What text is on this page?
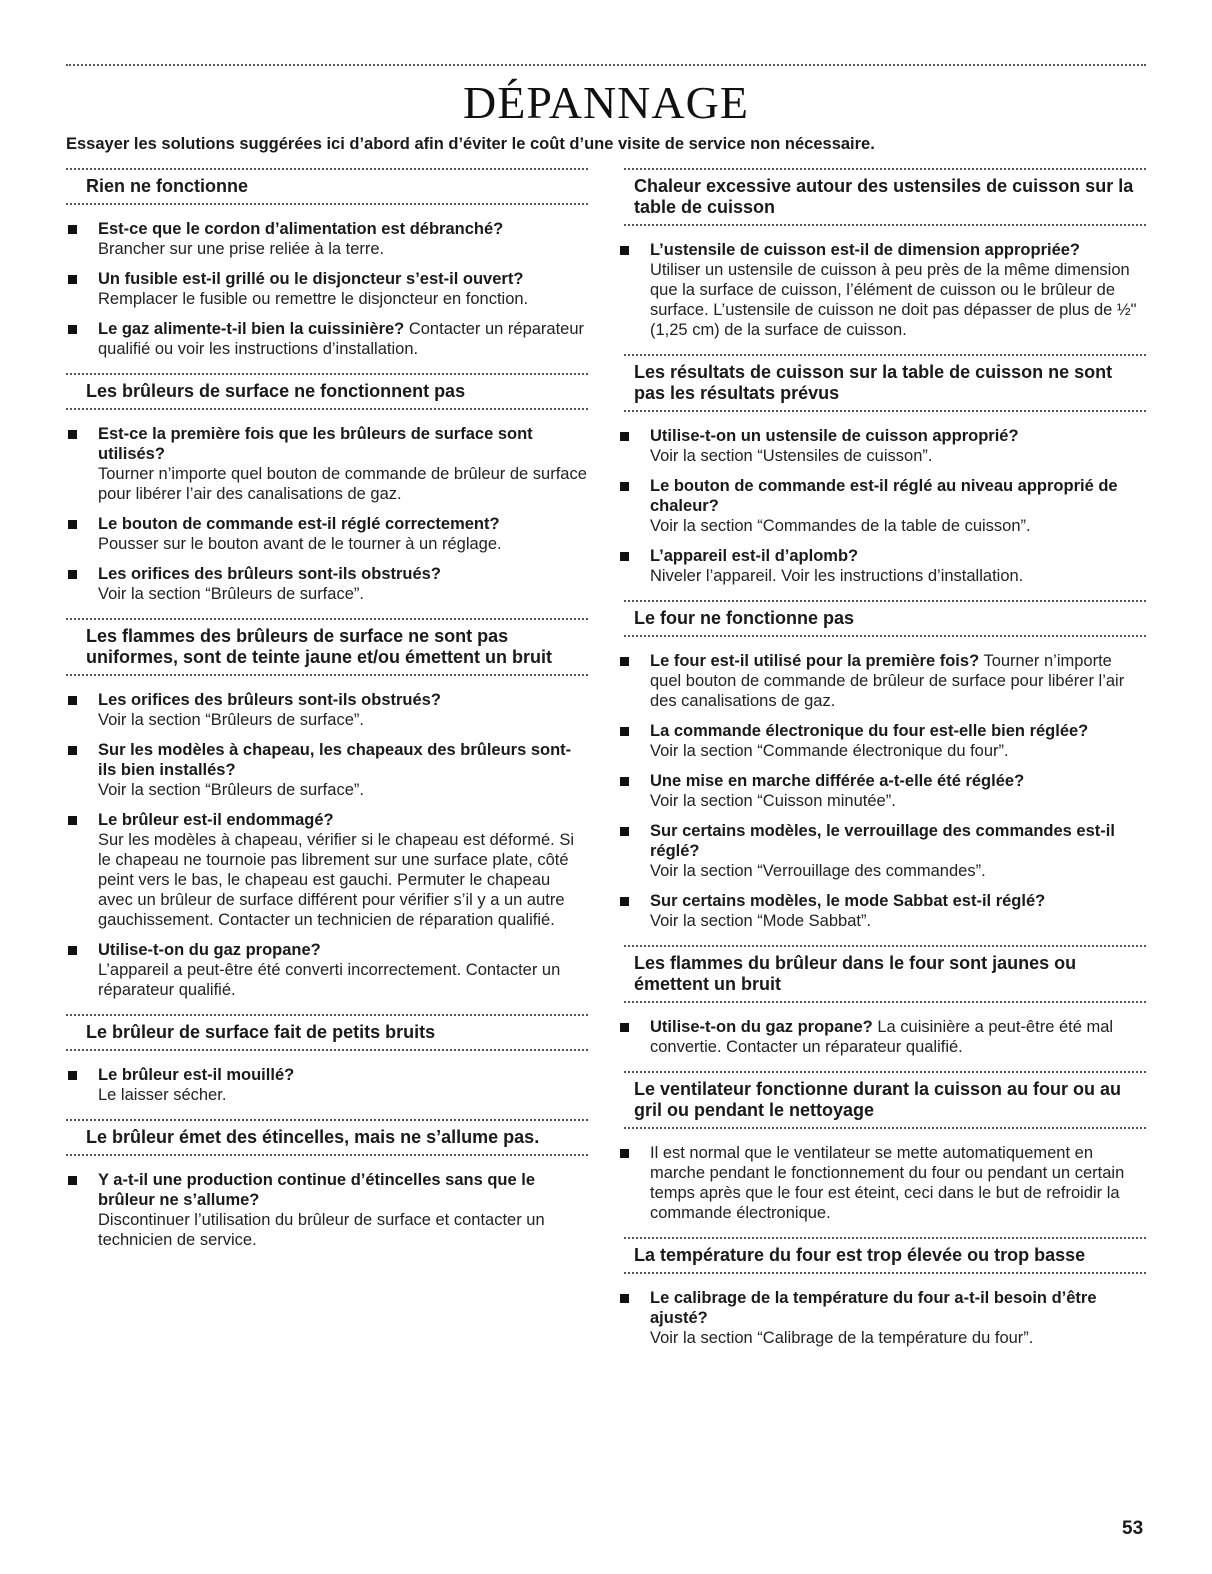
DÉPANNAGE

Essayer les solutions suggérées ici d’abord afin d’éviter le coût d’une visite de service non nécessaire.

Rien ne fonctionne
Est-ce que le cordon d’alimentation est débranché?
Brancher sur une prise reliée à la terre.
Un fusible est-il grillé ou le disjoncteur s’est-il ouvert?
Remplacer le fusible ou remettre le disjoncteur en fonction.
Le gaz alimente-t-il bien la cuissinière? Contacter un réparateur qualifié ou voir les instructions d’installation.
Les brûleurs de surface ne fonctionnent pas
Est-ce la première fois que les brûleurs de surface sont utilisés?
Tourner n’importe quel bouton de commande de brûleur de surface pour libérer l’air des canalisations de gaz.
Le bouton de commande est-il réglé correctement?
Pousser sur le bouton avant de le tourner à un réglage.
Les orifices des brûleurs sont-ils obstrués?
Voir la section “Brûleurs de surface”.
Les flammes des brûleurs de surface ne sont pas uniformes, sont de teinte jaune et/ou émettent un bruit
Les orifices des brûleurs sont-ils obstrués?
Voir la section “Brûleurs de surface”.
Sur les modèles à chapeau, les chapeaux des brûleurs sont-ils bien installés?
Voir la section “Brûleurs de surface”.
Le brûleur est-il endommagé?
Sur les modèles à chapeau, vérifier si le chapeau est déformé. Si le chapeau ne tournoie pas librement sur une surface plate, côté peint vers le bas, le chapeau est gauchi. Permuter le chapeau avec un brûleur de surface différent pour vérifier s’il y a un autre gauchissement. Contacter un technicien de réparation qualifié.
Utilise-t-on du gaz propane?
L’appareil a peut-être été converti incorrectement. Contacter un réparateur qualifié.
Le brûleur de surface fait de petits bruits
Le brûleur est-il mouillé?
Le laisser sécher.
Le brûleur émet des étincelles, mais ne s’allume pas.
Y a-t-il une production continue d’étincelles sans que le brûleur ne s’allume?
Discontinuer l’utilisation du brûleur de surface et contacter un technicien de service.
Chaleur excessive autour des ustensiles de cuisson sur la table de cuisson
L’ustensile de cuisson est-il de dimension appropriée?
Utiliser un ustensile de cuisson à peu près de la même dimension que la surface de cuisson, l’élément de cuisson ou le brûleur de surface. L’ustensile de cuisson ne doit pas dépasser de plus de ½" (1,25 cm) de la surface de cuisson.
Les résultats de cuisson sur la table de cuisson ne sont pas les résultats prévus
Utilise-t-on un ustensile de cuisson approprié?
Voir la section “Ustensiles de cuisson”.
Le bouton de commande est-il réglé au niveau approprié de chaleur?
Voir la section “Commandes de la table de cuisson”.
L’appareil est-il d’aplomb?
Niveler l’appareil. Voir les instructions d’installation.
Le four ne fonctionne pas
Le four est-il utilisé pour la première fois? Tourner n’importe quel bouton de commande de brûleur de surface pour libérer l’air des canalisations de gaz.
La commande électronique du four est-elle bien réglée?
Voir la section “Commande électronique du four”.
Une mise en marche différée a-t-elle été réglée?
Voir la section “Cuisson minutée”.
Sur certains modèles, le verrouillage des commandes est-il réglé?
Voir la section “Verrouillage des commandes”.
Sur certains modèles, le mode Sabbat est-il réglé?
Voir la section “Mode Sabbat”.
Les flammes du brûleur dans le four sont jaunes ou émettent un bruit
Utilise-t-on du gaz propane? La cuisinière a peut-être été mal convertie. Contacter un réparateur qualifié.
Le ventilateur fonctionne durant la cuisson au four ou au gril ou pendant le nettoyage
Il est normal que le ventilateur se mette automatiquement en marche pendant le fonctionnement du four ou pendant un certain temps après que le four est éteint, ceci dans le but de refroidir la commande électronique.
La température du four est trop élevée ou trop basse
Le calibrage de la température du four a-t-il besoin d’être ajusté?
Voir la section “Calibrage de la température du four”.
53
